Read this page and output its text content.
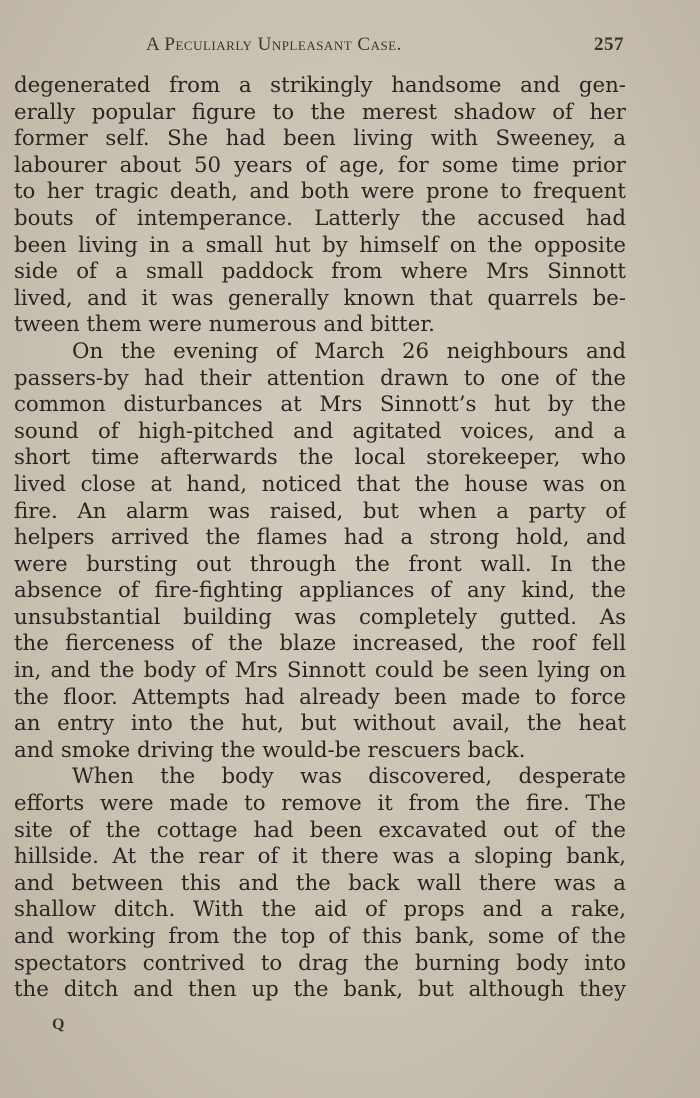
A Peculiarly Unpleasant Case.	257
degenerated from a strikingly handsome and gen-
erally popular figure to the merest shadow of her
former self. She had been living with Sweeney, a
labourer about 50 years of age, for some time prior
to her tragic death, and both were prone to frequent
bouts of intemperance. Latterly the accused had
been living in a small hut by himself on the opposite
side of a small paddock from where Mrs Sinnott
lived, and it was generally known that quarrels be-
tween them were numerous and bitter.
On the evening of March 26 neighbours and
passers-by had their attention drawn to one of the
common disturbances at Mrs Sinnott’s hut by the
sound of high-pitched and agitated voices, and a
short time afterwards the local storekeeper, who
lived close at hand, noticed that the house was on
fire. An alarm was raised, but when a party of
helpers arrived the flames had a strong hold, and
were bursting out through the front wall. In the
absence of fire-fighting appliances of any kind, the
unsubstantial building was completely gutted. As
the fierceness of the blaze increased, the roof fell
in, and the body of Mrs Sinnott could be seen lying on
the floor. Attempts had already been made to force
an entry into the hut, but without avail, the heat
and smoke driving the would-be rescuers back.
When the body was discovered, desperate
efforts were made to remove it from the fire. The
site of the cottage had been excavated out of the
hillside. At the rear of it there was a sloping bank,
and between this and the back wall there was a
shallow ditch. With the aid of props and a rake,
and working from the top of this bank, some of the
spectators contrived to drag the burning body into
the ditch and then up the bank, but although they
Q
